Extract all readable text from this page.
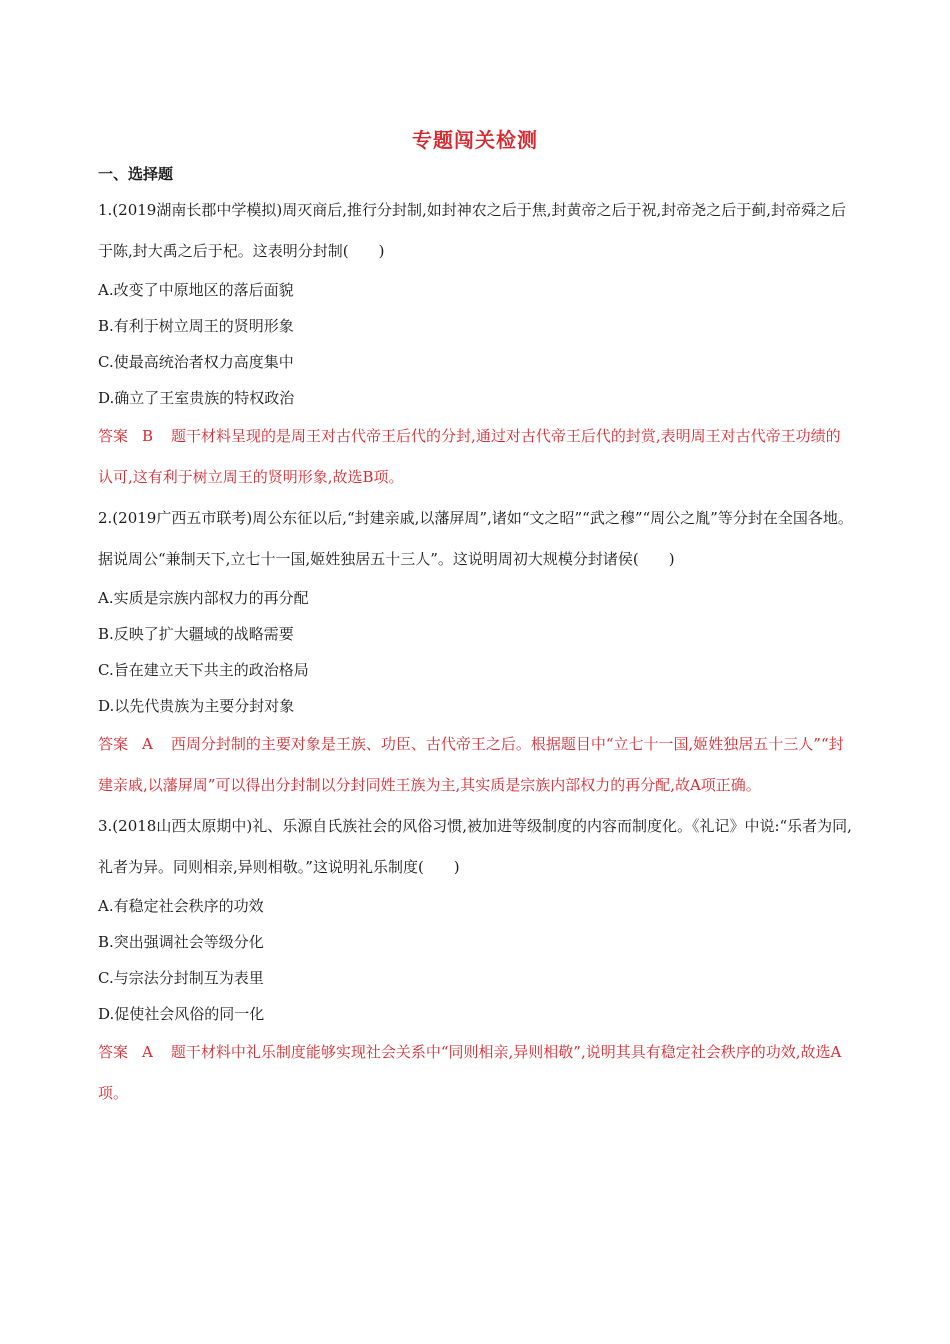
专题闯关检测
一、选择题

1.(2019湖南长郡中学模拟)周灭商后,推行分封制,如封神农之后于焦,封黄帝之后于祝,封帝尧之后于蓟,封帝舜之后于陈,封大禹之后于杞。这表明分封制(　　)

A.改变了中原地区的落后面貌

B.有利于树立周王的贤明形象

C.使最高统治者权力高度集中

D.确立了王室贵族的特权政治

答案 B 题干材料呈现的是周王对古代帝王后代的分封,通过对古代帝王后代的封赏,表明周王对古代帝王功绩的认可,这有利于树立周王的贤明形象,故选B项。

2.(2019广西五市联考)周公东征以后,“封建亲戚,以藩屏周”,诸如“文之昭”“武之穆”“周公之胤”等分封在全国各地。据说周公“兼制天下,立七十一国,姬姓独居五十三人”。这说明周初大规模分封诸侯(　　)

A.实质是宗族内部权力的再分配

B.反映了扩大疆域的战略需要

C.旨在建立天下共主的政治格局

D.以先代贵族为主要分封对象

答案 A 西周分封制的主要对象是王族、功臣、古代帝王之后。根据题目中“立七十一国,姬姓独居五十三人”“封建亲戚,以藩屏周”可以得出分封制以分封同姓王族为主,其实质是宗族内部权力的再分配,故A项正确。

3.(2018山西太原期中)礼、乐源自氏族社会的风俗习惯,被加进等级制度的内容而制度化。《礼记》中说:“乐者为同,礼者为异。同则相亲,异则相敬。”这说明礼乐制度(　　)

A.有稳定社会秩序的功效

B.突出强调社会等级分化

C.与宗法分封制互为表里

D.促使社会风俗的同一化

答案 A 题干材料中礼乐制度能够实现社会关系中“同则相亲,异则相敬”,说明其具有稳定社会秩序的功效,故选A项。
